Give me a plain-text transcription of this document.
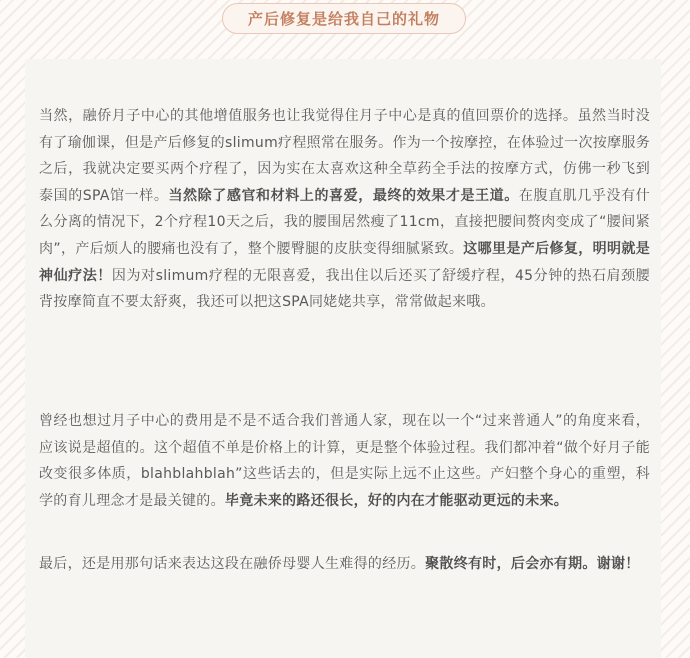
产后修复是给我自己的礼物

当然，融侨月子中心的其他增值服务也让我觉得住月子中心是真的值回票价的选择。虽然当时没有了瑜伽课，但是产后修复的slimum疗程照常在服务。作为一个按摩控，在体验过一次按摩服务之后，我就决定要买两个疗程了，因为实在太喜欢这种全草药全手法的按摩方式，仿佛一秒飞到泰国的SPA馆一样。当然除了感官和材料上的喜爱，最终的效果才是王道。在腹直肌几乎没有什么分离的情况下，2个疗程10天之后，我的腰围居然瘦了11cm，直接把腰间赘肉变成了“腰间紧肉”，产后烦人的腰痛也没有了，整个腰臀腿的皮肤变得细腻紧致。这哪里是产后修复，明明就是神仙疗法！因为对slimum疗程的无限喜爱，我出住以后还买了舒缓疗程，45分钟的热石肩颈腰背按摩简直不要太舒爽，我还可以把这SPA同姥姥共享，常常做起来哦。

曾经也想过月子中心的费用是不是不适合我们普通人家，现在以一个“过来普通人”的角度来看，应该说是超值的。这个超值不单是价格上的计算，更是整个体验过程。我们都冲着“做个好月子能改变很多体质，blahblahblah”这些话去的，但是实际上远不止这些。产妇整个身心的重塑，科学的育儿理念才是最关键的。毕竟未来的路还很长，好的内在才能驱动更远的未来。

最后，还是用那句话来表达这段在融侨母婴人生难得的经历。聚散终有时，后会亦有期。谢谢！
